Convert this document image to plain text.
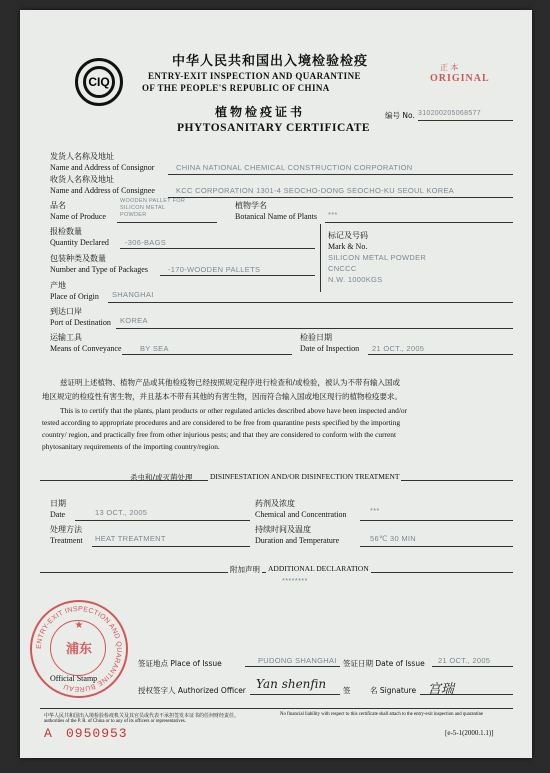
CIQ
中华人民共和国出入境检验检疫
ENTRY-EXIT INSPECTION AND QUARANTINE
OF THE PEOPLE'S REPUBLIC OF CHINA
正 本
ORIGINAL
植物检疫证书
PHYTOSANITARY CERTIFICATE
编号 No. 310200205068577
发货人名称及地址
Name and Address of Consignor	CHINA NATIONAL CHEMICAL CONSTRUCTION CORPORATION
收货人名称及地址
Name and Address of Consignee	KCC CORPORATION 1301-4 SEOCHO-DONG SEOCHO-KU SEOUL KOREA
品名
Name of Produce
WOODEN PALLET FOR
SILICON METAL
POWDER
植物学名
Botanical Name of Plants ***
报检数量
Quantity Declared -306-BAGS
标记及号码
Mark & No.
SILICON METAL POWDER
CNCCC
N.W. 1000KGS
包装种类及数量
Number and Type of Packages	-170-WOODEN PALLETS
产地
Place of Origin SHANGHAI
到达口岸
Port of Destination KOREA
运输工具
Means of Conveyance BY SEA
检验日期
Date of Inspection 21 OCT., 2005
兹证明上述植物、植物产品或其他检疫物已经按照规定程序进行检查和/或检验，被认为不带有输入国或
地区规定的检疫性有害生物，并且基本不带有其他的有害生物，因而符合输入国或地区现行的植物检疫要求。
This is to certify that the plants, plant products or other regulated articles described above have been inspected and/or
tested according to appropriate procedures and are considered to be free from quarantine pests specified by the importing
country/ region, and practically free from other injurious pests; and that they are considered to conform with the current
phytosanitary requirements of the importing country/region.
杀虫和/或灭菌处理 DISINFESTATION AND/OR DISINFECTION TREATMENT
日期
Date	13 OCT., 2005
药剂及浓度
Chemical and Concentration	***
处理方法
Treatment HEAT TREATMENT
持续时间及温度
Duration and Temperature	56℃ 30 MIN
附加声明 ADDITIONAL DECLARATION
********
签证地点 Place of Issue	PUDONG SHANGHAI 签证日期 Date of Issue 21 OCT., 2005
Official Stamp
授权签字人 Authorized Officer Yan shenfin 签	名 Signature 宫瑞
ENTRY-EXIT INSPECTION AND QUARANTINE BUREAU
★
浦东
中华人民共和国出入境检验检疫机关及其官员或代表不承担签发本证书的任何财经责任。	No financial liability with respect to this certificate shall attach to the entry-exit inspection and quarantine
authorities of the P. R. of China or to any of its officers or representatives.
A 0950953	[e-5-1(2000.1.1)]
